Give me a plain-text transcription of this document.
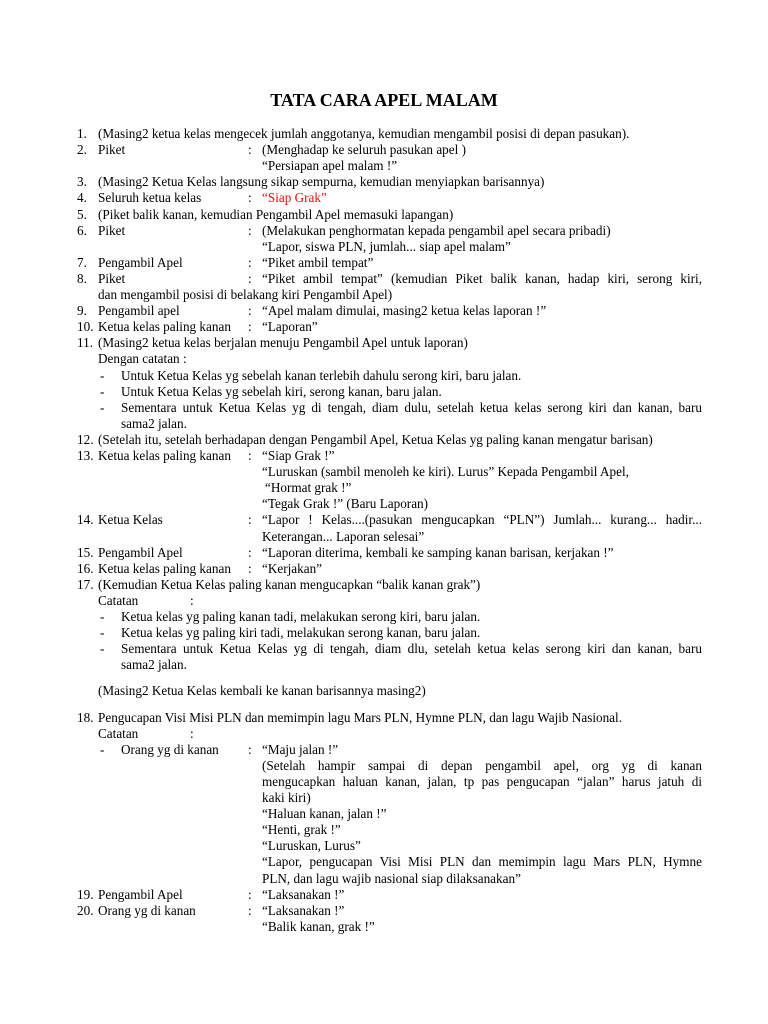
TATA CARA APEL MALAM
1. (Masing2 ketua kelas mengecek jumlah anggotanya, kemudian mengambil posisi di depan pasukan).
2. Piket	: (Menghadap ke seluruh pasukan apel )
“Persiapan apel malam !”
3. (Masing2 Ketua Kelas langsung sikap sempurna, kemudian menyiapkan barisannya)
4. Seluruh ketua kelas	: “Siap Grak”
5. (Piket balik kanan, kemudian Pengambil Apel memasuki lapangan)
6. Piket	: (Melakukan penghormatan kepada pengambil apel secara pribadi)
“Lapor, siswa PLN, jumlah... siap apel malam”
7. Pengambil Apel	: “Piket ambil tempat”
8. Piket	: “Piket ambil tempat” (kemudian Piket balik kanan, hadap kiri, serong kiri,
dan mengambil posisi di belakang kiri Pengambil Apel)
9. Pengambil apel	: “Apel malam dimulai, masing2 ketua kelas laporan !”
10. Ketua kelas paling kanan : “Laporan”
11. (Masing2 ketua kelas berjalan menuju Pengambil Apel untuk laporan)
Dengan catatan :
- Untuk Ketua Kelas yg sebelah kanan terlebih dahulu serong kiri, baru jalan.
- Untuk Ketua Kelas yg sebelah kiri, serong kanan, baru jalan.
- Sementara untuk Ketua Kelas yg di tengah, diam dulu, setelah ketua kelas serong kiri dan kanan, baru
sama2 jalan.
12. (Setelah itu, setelah berhadapan dengan Pengambil Apel, Ketua Kelas yg paling kanan mengatur barisan)
13. Ketua kelas paling kanan : “Siap Grak !”
“Luruskan (sambil menoleh ke kiri). Lurus” Kepada Pengambil Apel,
“Hormat grak !”
“Tegak Grak !” (Baru Laporan)
14. Ketua Kelas	: “Lapor ! Kelas....(pasukan mengucapkan “PLN”) Jumlah... kurang... hadir...
Keterangan... Laporan selesai”
15. Pengambil Apel	: “Laporan diterima, kembali ke samping kanan barisan, kerjakan !”
16. Ketua kelas paling kanan : “Kerjakan”
17. (Kemudian Ketua Kelas paling kanan mengucapkan “balik kanan grak”)
Catatan	:
- Ketua kelas yg paling kanan tadi, melakukan serong kiri, baru jalan.
- Ketua kelas yg paling kiri tadi, melakukan serong kanan, baru jalan.
- Sementara untuk Ketua Kelas yg di tengah, diam dlu, setelah ketua kelas serong kiri dan kanan, baru
sama2 jalan.
(Masing2 Ketua Kelas kembali ke kanan barisannya masing2)
18. Pengucapan Visi Misi PLN dan memimpin lagu Mars PLN, Hymne PLN, dan lagu Wajib Nasional.
Catatan	:
- Orang yg di kanan : “Maju jalan !”
(Setelah hampir sampai di depan pengambil apel, org yg di kanan
mengucapkan haluan kanan, jalan, tp pas pengucapan “jalan” harus jatuh di
kaki kiri)
“Haluan kanan, jalan !”
“Henti, grak !”
“Luruskan, Lurus”
“Lapor, pengucapan Visi Misi PLN dan memimpin lagu Mars PLN, Hymne
PLN, dan lagu wajib nasional siap dilaksanakan”
19. Pengambil Apel	: “Laksanakan !”
20. Orang yg di kanan	: “Laksanakan !”
“Balik kanan, grak !”
